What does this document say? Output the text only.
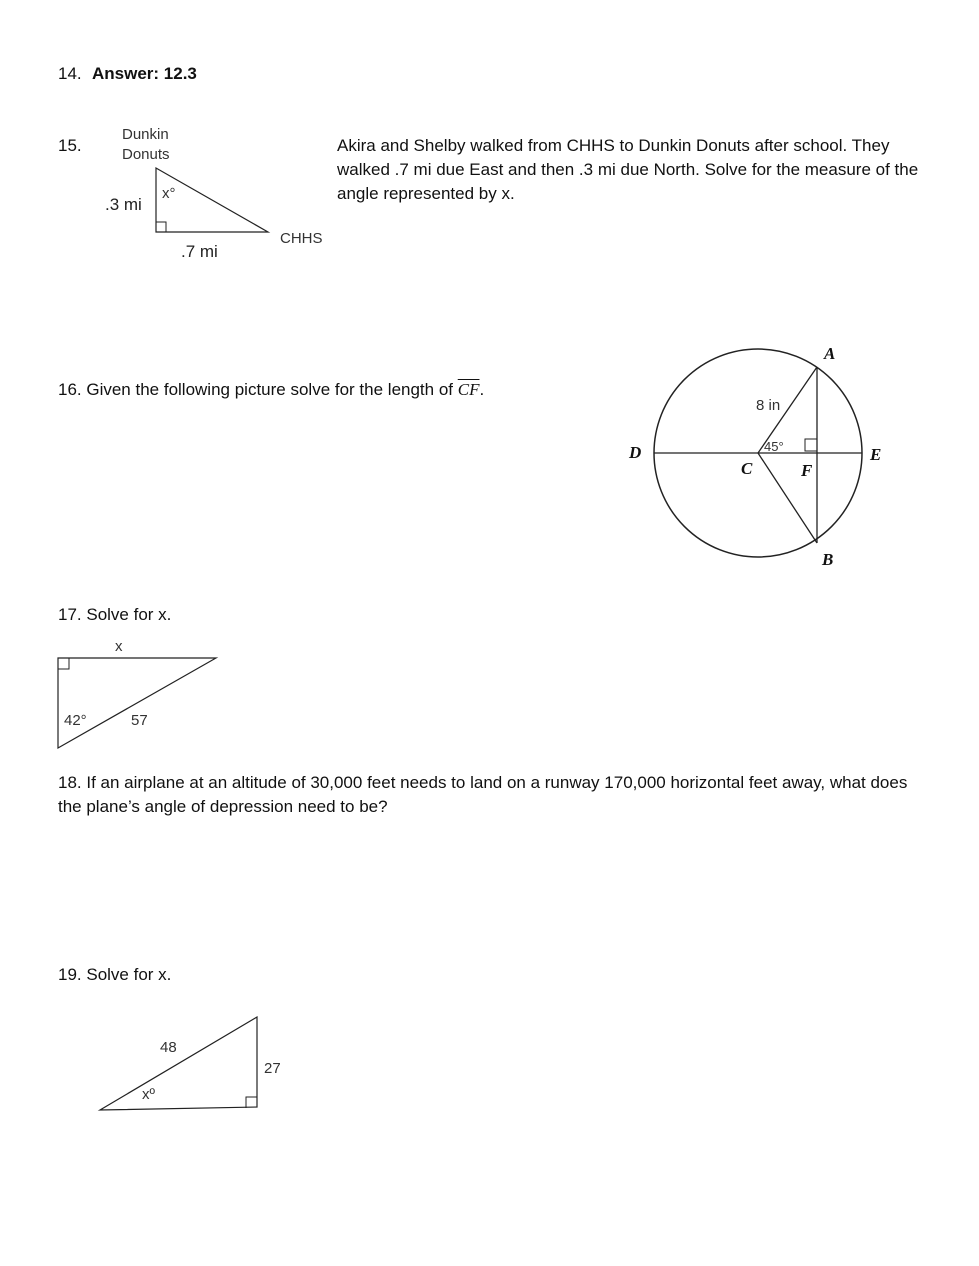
14. Answer: 12.3
15.	Akira and Shelby walked from CHHS to Dunkin Donuts after school. They walked .7 mi due East and then .3 mi due North. Solve for the measure of the angle represented by x.
Dunkin
Donuts
x°
.3 mi
.7 mi
CHHS
16. Given the following picture solve for the length of $\overline{CF}$.
A
B
C
D	E
F
8 in
45°
17. Solve for x.
x
42°	57
18. If an airplane at an altitude of 30,000 feet needs to land on a runway 170,000 horizontal feet away, what does the plane’s angle of depression need to be?
19. Solve for x.
48
27
xº
